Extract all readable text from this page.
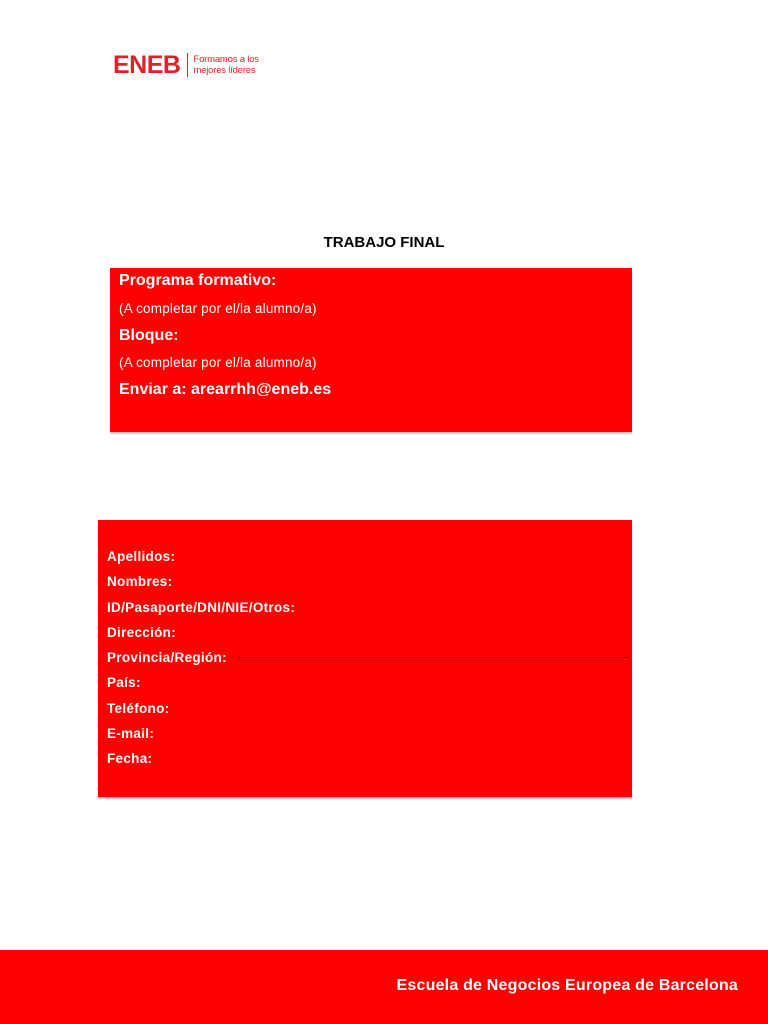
ENEB Formamos a los
mejores líderes
TRABAJO FINAL
Programa formativo:
(A completar por el/la alumno/a)
Bloque:
(A completar por el/la alumno/a)
Enviar a: arearrhh@eneb.es
Apellidos:
Nombres:
ID/Pasaporte/DNI/NIE/Otros:
Dirección:
Provincia/Región:
País:
Teléfono:
E-mail:
Fecha:
Escuela de Negocios Europea de Barcelona
